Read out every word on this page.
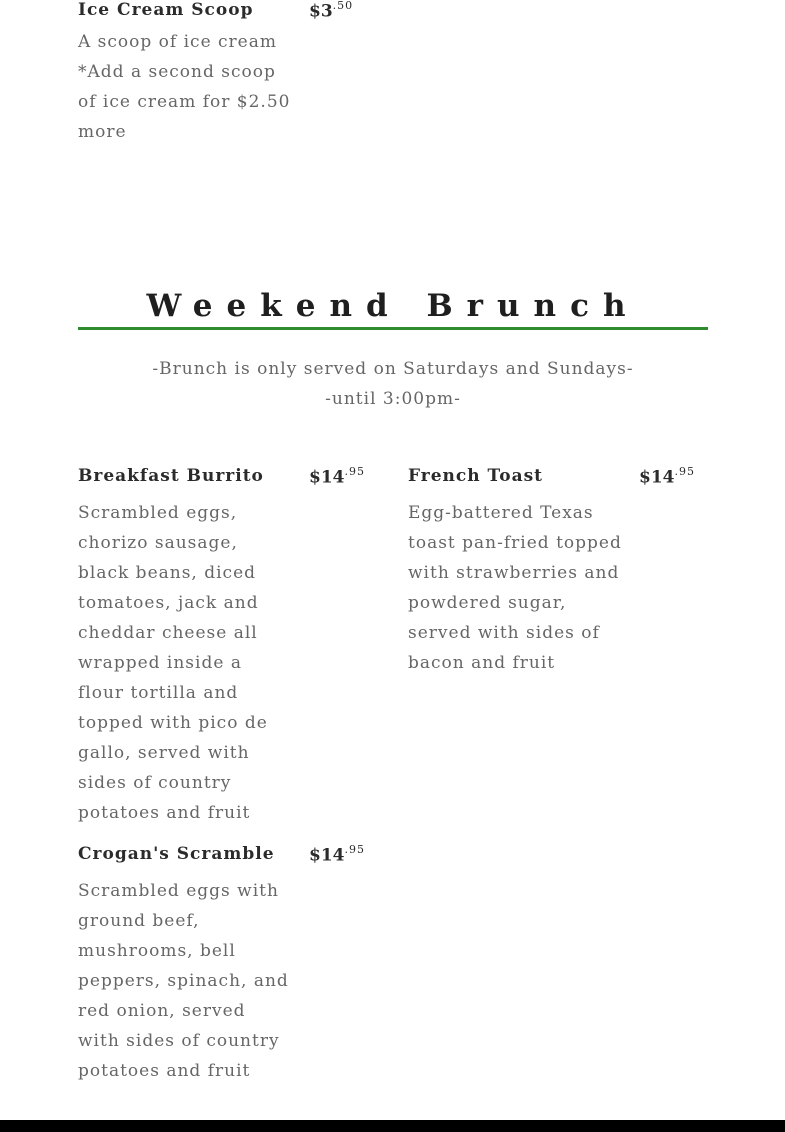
Ice Cream Scoop	$\$3^{.50}$

A scoop of ice cream *Add a second scoop of ice cream for $2.50 more

Weekend Brunch
-Brunch is only served on Saturdays and Sundays-
-until 3:00pm-
Breakfast Burrito	$\$14^{.95}$

Scrambled eggs, chorizo sausage, black beans, diced tomatoes, jack and cheddar cheese all wrapped inside a flour tortilla and topped with pico de gallo, served with sides of country potatoes and fruit

French Toast	$\$14^{.95}$

Egg-battered Texas toast pan-fried topped with strawberries and powdered sugar, served with sides of bacon and fruit

Crogan's Scramble $\$14^{.95}$

Scrambled eggs with ground beef, mushrooms, bell peppers, spinach, and red onion, served with sides of country potatoes and fruit
